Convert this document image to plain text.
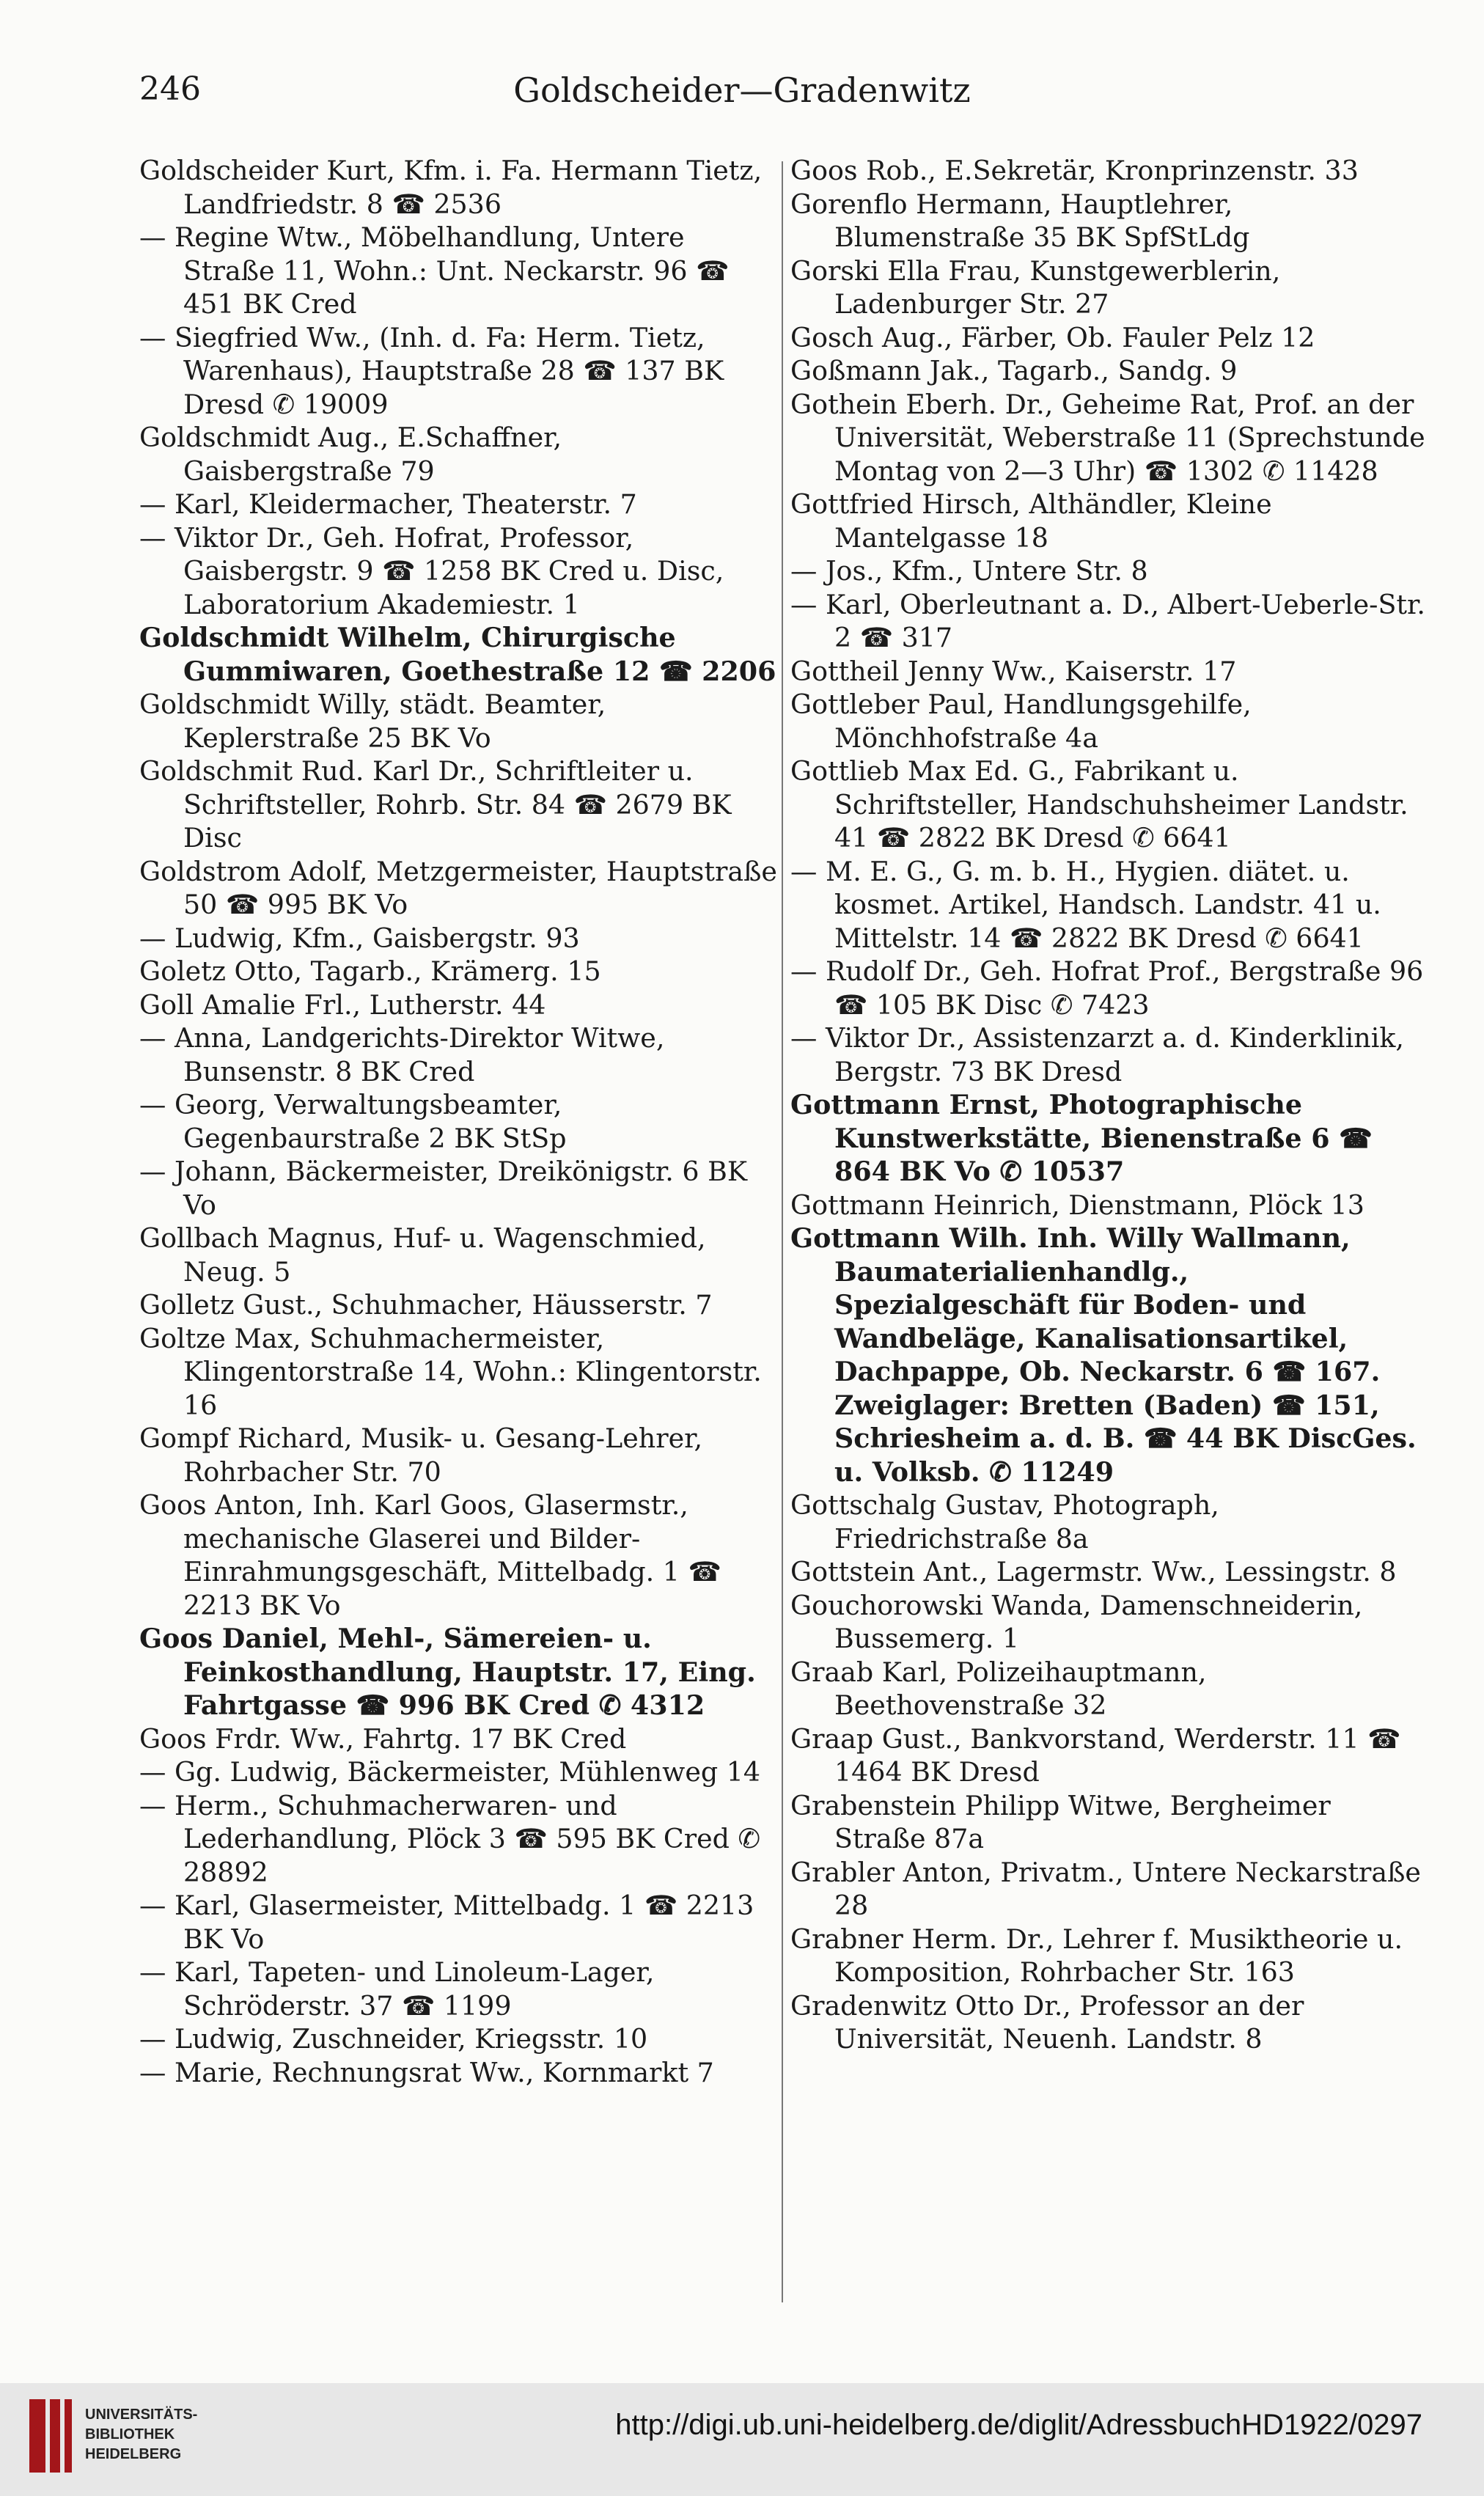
246	Goldscheider—Gradenwitz

Goldscheider Kurt, Kfm. i. Fa. Hermann Tietz, Landfriedstr. 8 ☎ 2536

— Regine Wtw., Möbelhandlung, Untere Straße 11, Wohn.: Unt. Neckarstr. 96 ☎ 451 BK Cred

— Siegfried Ww., (Inh. d. Fa: Herm. Tietz, Warenhaus), Hauptstraße 28 ☎ 137 BK Dresd ✆ 19009

Goldschmidt Aug., E.Schaffner, Gaisbergstraße 79

— Karl, Kleidermacher, Theaterstr. 7

— Viktor Dr., Geh. Hofrat, Professor, Gaisbergstr. 9 ☎ 1258 BK Cred u. Disc, Laboratorium Akademiestr. 1

Goldschmidt Wilhelm, Chirurgische Gummiwaren, Goethestraße 12 ☎ 2206

Goldschmidt Willy, städt. Beamter, Keplerstraße 25 BK Vo

Goldschmit Rud. Karl Dr., Schriftleiter u. Schriftsteller, Rohrb. Str. 84 ☎ 2679 BK Disc

Goldstrom Adolf, Metzgermeister, Hauptstraße 50 ☎ 995 BK Vo

— Ludwig, Kfm., Gaisbergstr. 93

Goletz Otto, Tagarb., Krämerg. 15

Goll Amalie Frl., Lutherstr. 44

— Anna, Landgerichts-Direktor Witwe, Bunsenstr. 8 BK Cred

— Georg, Verwaltungsbeamter, Gegenbaurstraße 2 BK StSp

— Johann, Bäckermeister, Dreikönigstr. 6 BK Vo

Gollbach Magnus, Huf- u. Wagenschmied, Neug. 5

Golletz Gust., Schuhmacher, Häusserstr. 7

Goltze Max, Schuhmachermeister, Klingentorstraße 14, Wohn.: Klingentorstr. 16

Gompf Richard, Musik- u. Gesang-Lehrer, Rohrbacher Str. 70

Goos Anton, Inh. Karl Goos, Glasermstr., mechanische Glaserei und Bilder-Einrahmungsgeschäft, Mittelbadg. 1 ☎ 2213 BK Vo

Goos Daniel, Mehl-, Sämereien- u. Feinkosthandlung, Hauptstr. 17, Eing. Fahrtgasse ☎ 996 BK Cred ✆ 4312

Goos Frdr. Ww., Fahrtg. 17 BK Cred

— Gg. Ludwig, Bäckermeister, Mühlenweg 14

— Herm., Schuhmacherwaren- und Lederhandlung, Plöck 3 ☎ 595 BK Cred ✆ 28892

— Karl, Glasermeister, Mittelbadg. 1 ☎ 2213 BK Vo

— Karl, Tapeten- und Linoleum-Lager, Schröderstr. 37 ☎ 1199

— Ludwig, Zuschneider, Kriegsstr. 10

— Marie, Rechnungsrat Ww., Kornmarkt 7

Goos Rob., E.Sekretär, Kronprinzenstr. 33

Gorenflo Hermann, Hauptlehrer, Blumenstraße 35 BK SpfStLdg

Gorski Ella Frau, Kunstgewerblerin, Ladenburger Str. 27

Gosch Aug., Färber, Ob. Fauler Pelz 12

Goßmann Jak., Tagarb., Sandg. 9

Gothein Eberh. Dr., Geheime Rat, Prof. an der Universität, Weberstraße 11 (Sprechstunde Montag von 2—3 Uhr) ☎ 1302 ✆ 11428

Gottfried Hirsch, Althändler, Kleine Mantelgasse 18

— Jos., Kfm., Untere Str. 8

— Karl, Oberleutnant a. D., Albert-Ueberle-Str. 2 ☎ 317

Gottheil Jenny Ww., Kaiserstr. 17

Gottleber Paul, Handlungsgehilfe, Mönchhofstraße 4a

Gottlieb Max Ed. G., Fabrikant u. Schriftsteller, Handschuhsheimer Landstr. 41 ☎ 2822 BK Dresd ✆ 6641

— M. E. G., G. m. b. H., Hygien. diätet. u. kosmet. Artikel, Handsch. Landstr. 41 u. Mittelstr. 14 ☎ 2822 BK Dresd ✆ 6641

— Rudolf Dr., Geh. Hofrat Prof., Bergstraße 96 ☎ 105 BK Disc ✆ 7423

— Viktor Dr., Assistenzarzt a. d. Kinderklinik, Bergstr. 73 BK Dresd

Gottmann Ernst, Photographische Kunstwerkstätte, Bienenstraße 6 ☎ 864 BK Vo ✆ 10537

Gottmann Heinrich, Dienstmann, Plöck 13

Gottmann Wilh. Inh. Willy Wallmann, Baumaterialienhandlg., Spezialgeschäft für Boden- und Wandbeläge, Kanalisationsartikel, Dachpappe, Ob. Neckarstr. 6 ☎ 167. Zweiglager: Bretten (Baden) ☎ 151, Schriesheim a. d. B. ☎ 44 BK DiscGes. u. Volksb. ✆ 11249

Gottschalg Gustav, Photograph, Friedrichstraße 8a

Gottstein Ant., Lagermstr. Ww., Lessingstr. 8

Gouchorowski Wanda, Damenschneiderin, Bussemerg. 1

Graab Karl, Polizeihauptmann, Beethovenstraße 32

Graap Gust., Bankvorstand, Werderstr. 11 ☎ 1464 BK Dresd

Grabenstein Philipp Witwe, Bergheimer Straße 87a

Grabler Anton, Privatm., Untere Neckarstraße 28

Grabner Herm. Dr., Lehrer f. Musiktheorie u. Komposition, Rohrbacher Str. 163

Gradenwitz Otto Dr., Professor an der Universität, Neuenh. Landstr. 8

UNIVERSITÄTS-
BIBLIOTHEK
HEIDELBERG
http://digi.ub.uni-heidelberg.de/diglit/AdressbuchHD1922/0297
